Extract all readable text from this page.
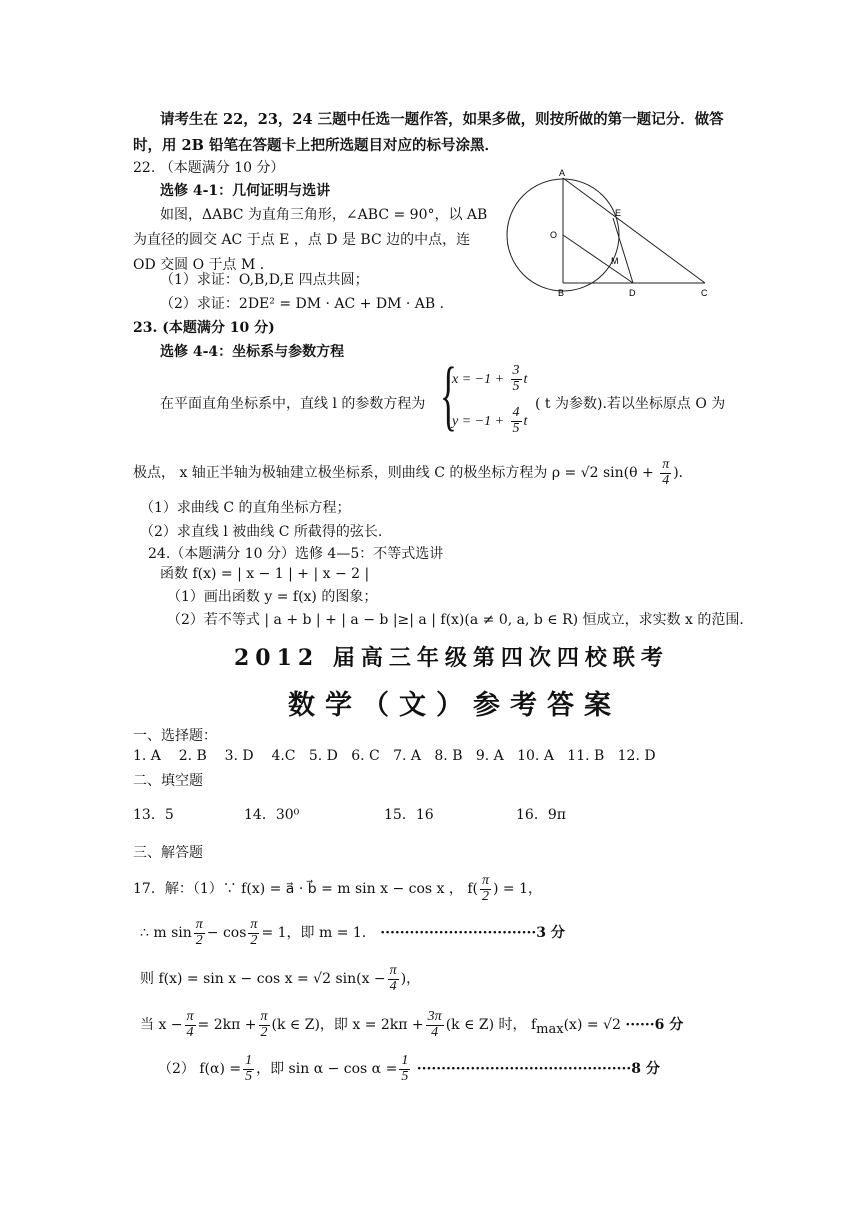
请考生在 22，23，24 三题中任选一题作答，如果多做，则按所做的第一题记分．做答
时，用 2B 铅笔在答题卡上把所选题目对应的标号涂黑．
22. （本题满分 10 分）
选修 4-1：几何证明与选讲
如图，ΔABC 为直角三角形，∠ABC = 90°，以 AB
为直径的圆交 AC 于点 E ，点 D 是 BC 边的中点，连
OD 交圆 O 于点 M ．
（1）求证：O,B,D,E 四点共圆；
（2）求证：2DE² = DM · AC + DM · AB ．
A
E
O
M
B	D	C
23. (本题满分 10 分)
选修 4-4：坐标系与参数方程
在平面直角坐标系中，直线 l 的参数方程为 {
$x = -1 + \frac{3}{5}$ t
$y = -1 + \frac{4}{5}$ t
( t 为参数).若以坐标原点 O 为
极点， x 轴正半轴为极轴建立极坐标系，则曲线 C 的极坐标方程为 ρ = √2 $\sin(\theta + \frac{\pi}{4}$ )．
（1）求曲线 C 的直角坐标方程；
（2）求直线 l 被曲线 C 所截得的弦长.
24.（本题满分 10 分）选修 4—5：不等式选讲
函数 f(x) = | x − 1 | + | x − 2 |
（1）画出函数 y = f(x) 的图象；
（2）若不等式 | a + b | + | a − b |≥| a | f(x)(a ≠ 0, a, b ∈ R) 恒成立，求实数 x 的范围.
2012 届高三年级第四次四校联考
数学（文）参考答案
一、选择题：
1. A    2. B    3. D    4.C   5. D   6. C   7. A   8. B   9. A   10. A   11. B   12. D
二、填空题
13．5	14．30⁰	15．16	16．9π
三、解答题
17．解：（1）∵ f(x) = a⃗ · b⃗ = m sin x − cos x ， $f( \frac{\pi}{2}$ ) = 1，
∴ m $\sin \frac{\pi}{2} - \cos \frac{\pi}{2} = 1$，即 m = 1． ································3 分
则 f(x) = sin x − cos x = √2 $\sin(x - \frac{\pi}{4}$ )，
当 $x - \frac{\pi}{4} = 2k\pi + \frac{\pi}{2} (k$ ∈ Z)，即 $x = 2k\pi + \frac{3\pi}{4} (k$ ∈ Z) 时， $f_{max}(x) = √2 \cdot\cdot\cdot\cdot\cdot\cdot 6$ 分
（2） $f(\alpha) = \frac{1}{5}$ ，即 $\sin \alpha - \cos \alpha = \frac{1}{5} \cdot\cdot\cdot\cdot\cdot\cdot\cdot\cdot\cdot\cdot\cdot\cdot\cdot\cdot\cdot\cdot\cdot\cdot\cdot\cdot\cdot\cdot\cdot\cdot\cdot\cdot\cdot\cdot\cdot\cdot\cdot\cdot\cdot\cdot\cdot\cdot\cdot\cdot\cdot\cdot\cdot\cdot\cdot\cdot 8$ 分
